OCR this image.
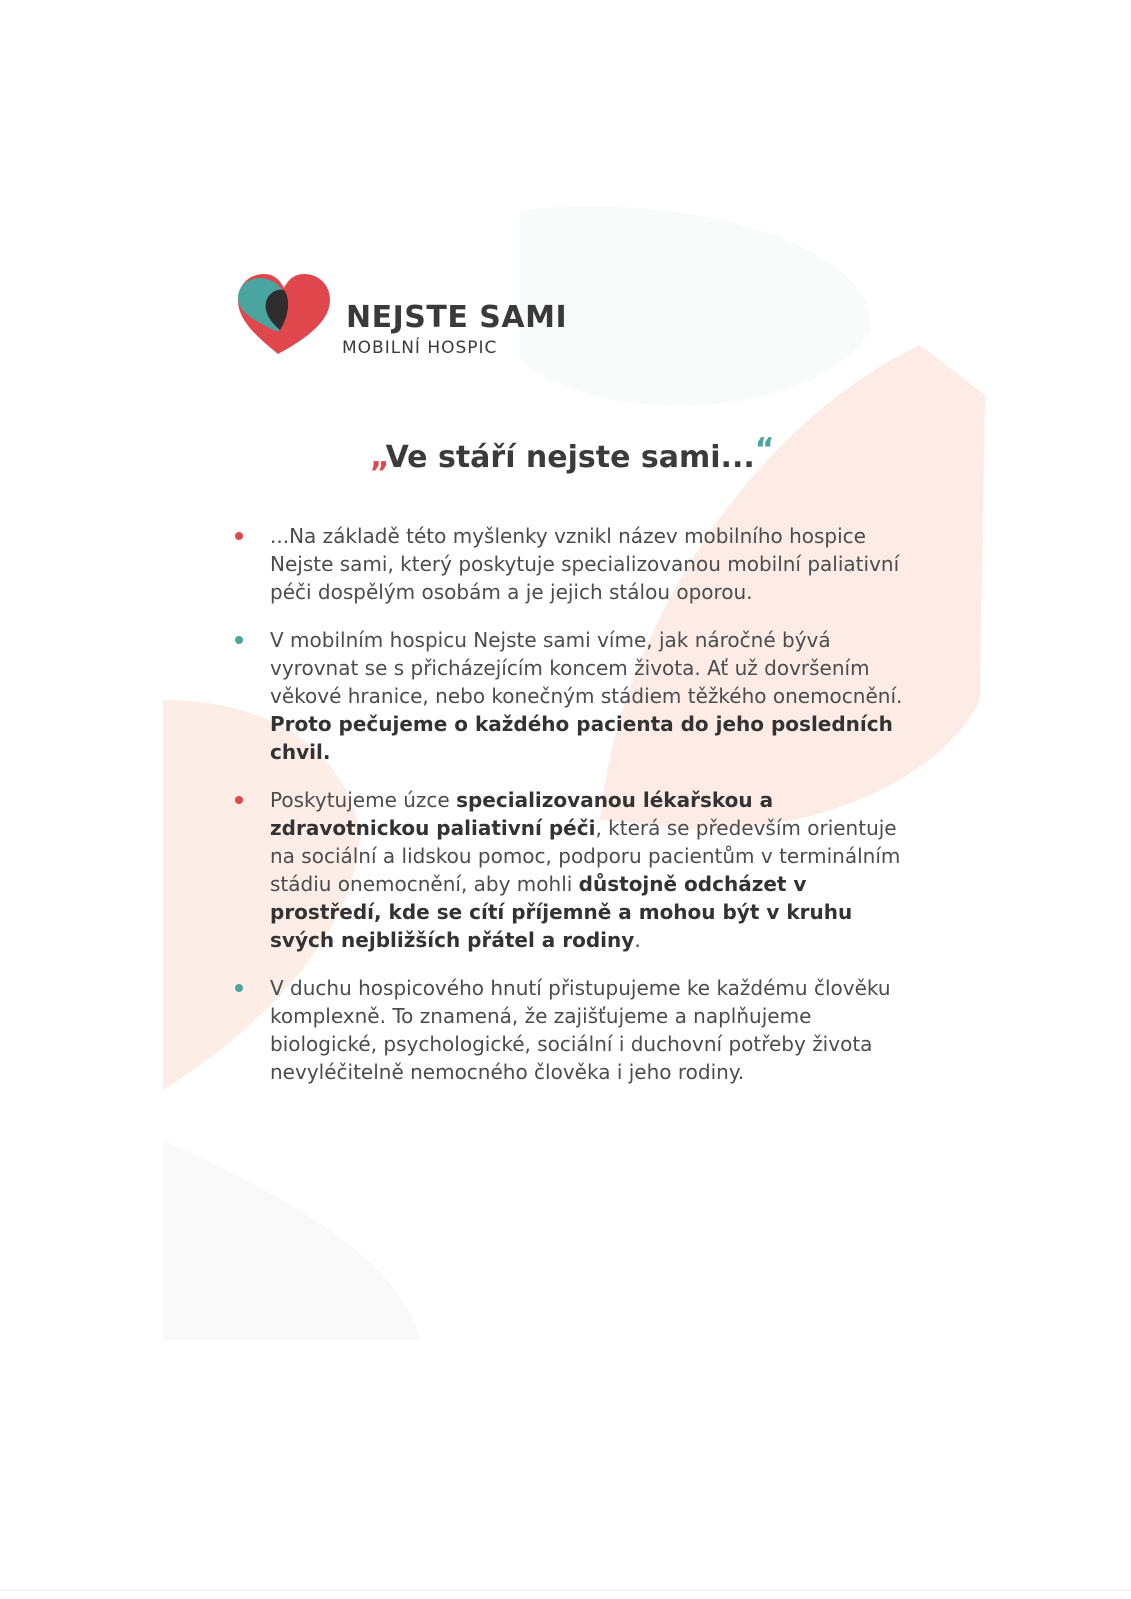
NEJSTE SAMI
MOBILNÍ HOSPIC
„Ve stáří nejste sami...“
...Na základě této myšlenky vznikl název mobilního hospice Nejste sami, který poskytuje specializovanou mobilní paliativní péči dospělým osobám a je jejich stálou oporou.
V mobilním hospicu Nejste sami víme, jak náročné bývá vyrovnat se s přicházejícím koncem života. Ať už dovršením věkové hranice, nebo konečným stádiem těžkého onemocnění. Proto pečujeme o každého pacienta do jeho posledních chvil.
Poskytujeme úzce specializovanou lékařskou a zdravotnickou paliativní péči, která se především orientuje na sociální a lidskou pomoc, podporu pacientům v terminálním stádiu onemocnění, aby mohli důstojně odcházet v prostředí, kde se cítí příjemně a mohou být v kruhu svých nejbližších přátel a rodiny.
V duchu hospicového hnutí přistupujeme ke každému člověku komplexně. To znamená, že zajišťujeme a naplňujeme biologické, psychologické, sociální i duchovní potřeby života nevyléčitelně nemocného člověka i jeho rodiny.
